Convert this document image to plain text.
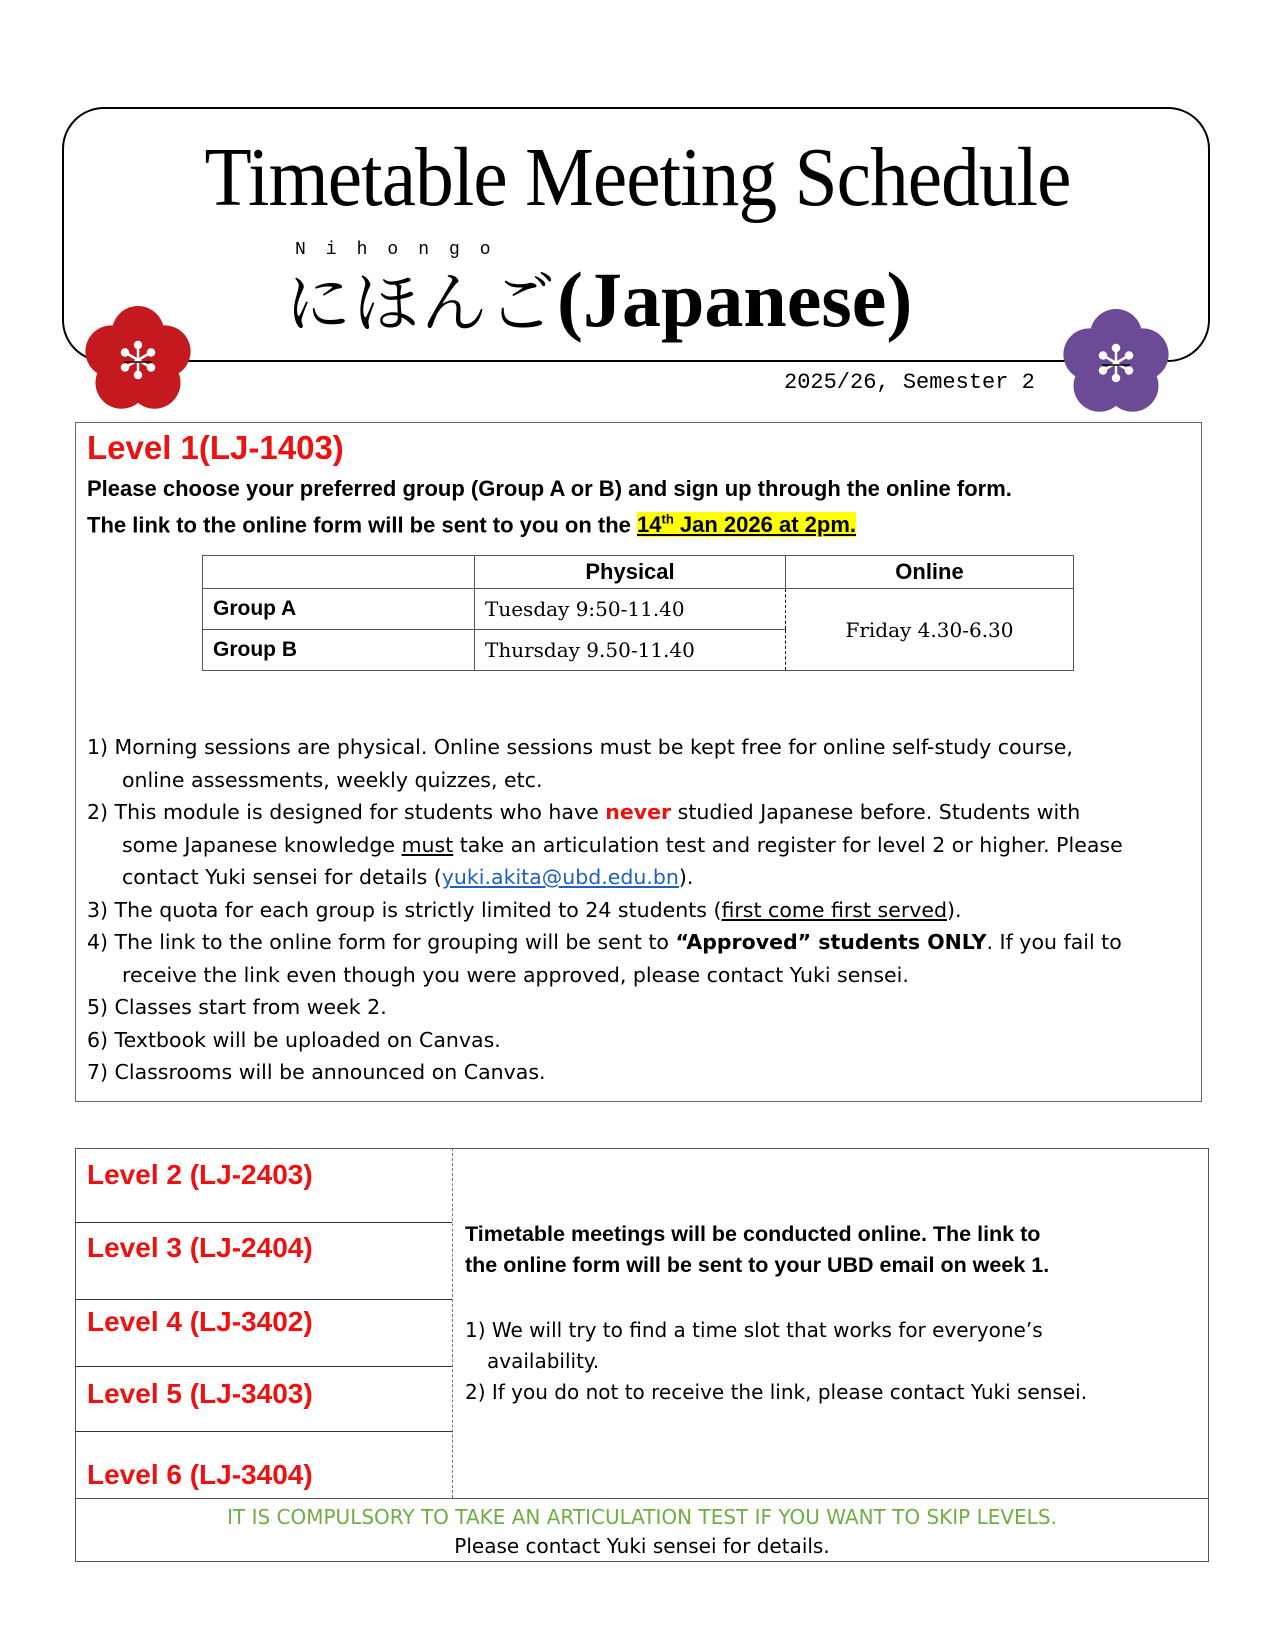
Timetable Meeting Schedule
Nihongo
にほんご(Japanese)
2025/26, Semester 2
Level 1(LJ-1403)
Please choose your preferred group (Group A or B) and sign up through the online form.
The link to the online form will be sent to you on the 14th Jan 2026 at 2pm.
	Physical	Online
Group A	Tuesday 9:50-11.40	Friday 4.30-6.30
Group B	Thursday 9.50-11.40	
1) Morning sessions are physical. Online sessions must be kept free for online self-study course,
online assessments, weekly quizzes, etc.
2) This module is designed for students who have never studied Japanese before. Students with
some Japanese knowledge must take an articulation test and register for level 2 or higher. Please
contact Yuki sensei for details (yuki.akita@ubd.edu.bn).
3) The quota for each group is strictly limited to 24 students (first come first served).
4) The link to the online form for grouping will be sent to “Approved” students ONLY. If you fail to
receive the link even though you were approved, please contact Yuki sensei.
5) Classes start from week 2.
6) Textbook will be uploaded on Canvas.
7) Classrooms will be announced on Canvas.
Level 2 (LJ-2403)
Level 3 (LJ-2404)
Level 4 (LJ-3402)
Level 5 (LJ-3403)
Level 6 (LJ-3404)
Timetable meetings will be conducted online. The link to
the online form will be sent to your UBD email on week 1.
1) We will try to find a time slot that works for everyone’s
availability.
2) If you do not to receive the link, please contact Yuki sensei.
IT IS COMPULSORY TO TAKE AN ARTICULATION TEST IF YOU WANT TO SKIP LEVELS.
Please contact Yuki sensei for details.
